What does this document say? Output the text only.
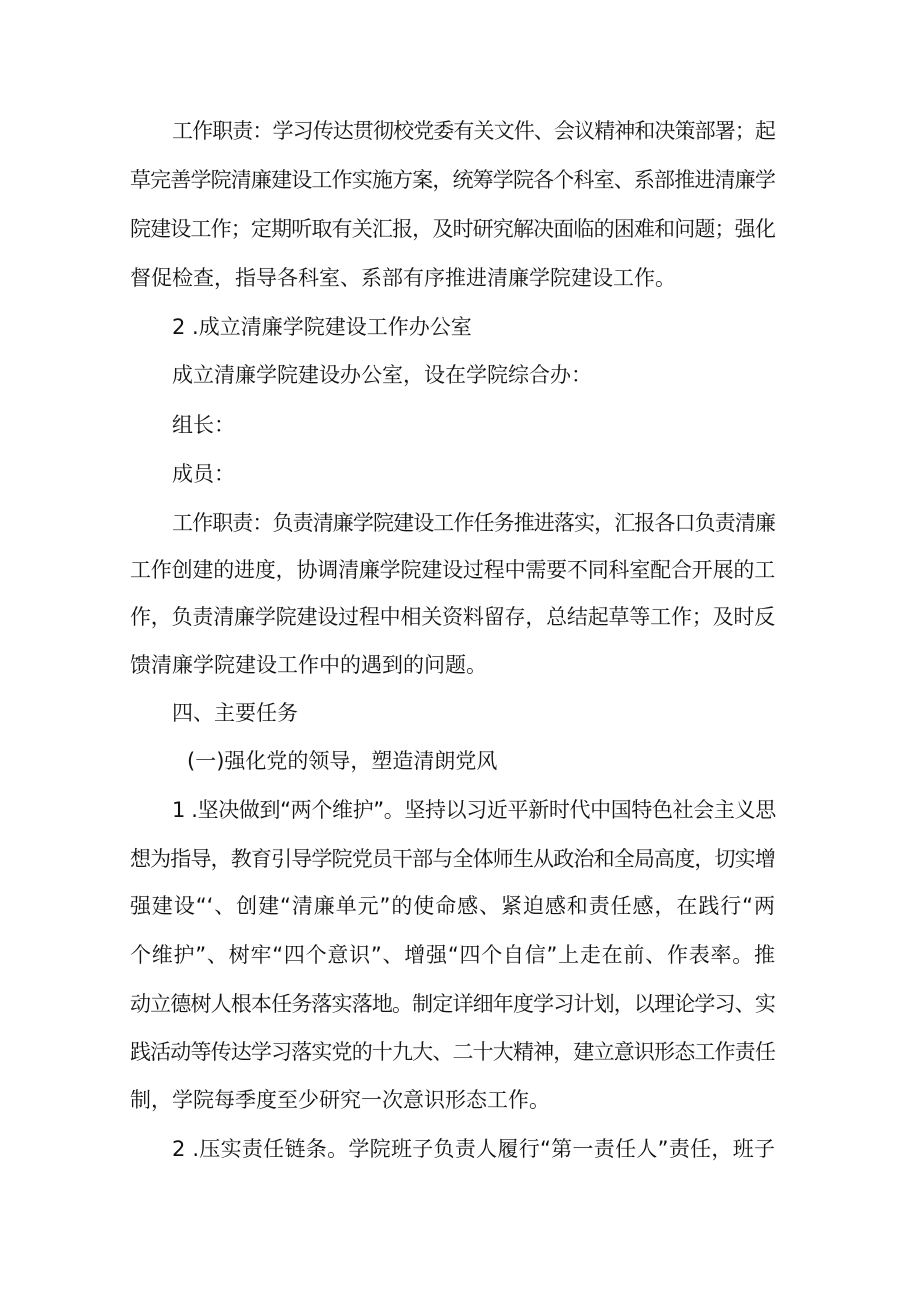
工作职责：学习传达贯彻校党委有关文件、会议精神和决策部署；起
草完善学院清廉建设工作实施方案，统筹学院各个科室、系部推进清廉学
院建设工作；定期听取有关汇报，及时研究解决面临的困难和问题；强化
督促检查，指导各科室、系部有序推进清廉学院建设工作。
2 .成立清廉学院建设工作办公室
成立清廉学院建设办公室，设在学院综合办：
组长：
成员：
工作职责：负责清廉学院建设工作任务推进落实，汇报各口负责清廉
工作创建的进度，协调清廉学院建设过程中需要不同科室配合开展的工
作，负责清廉学院建设过程中相关资料留存，总结起草等工作；及时反
馈清廉学院建设工作中的遇到的问题。
四、主要任务
(一)强化党的领导，塑造清朗党风
1 .坚决做到“两个维护”。坚持以习近平新时代中国特色社会主义思
想为指导，教育引导学院党员干部与全体师生从政治和全局高度，切实增
强建设“‘、创建“清廉单元”的使命感、紧迫感和责任感，在践行“两
个维护”、树牢“四个意识”、增强“四个自信”上走在前、作表率。推
动立德树人根本任务落实落地。制定详细年度学习计划，以理论学习、实
践活动等传达学习落实党的十九大、二十大精神，建立意识形态工作责任
制，学院每季度至少研究一次意识形态工作。
2 .压实责任链条。学院班子负责人履行“第一责任人”责任，班子
